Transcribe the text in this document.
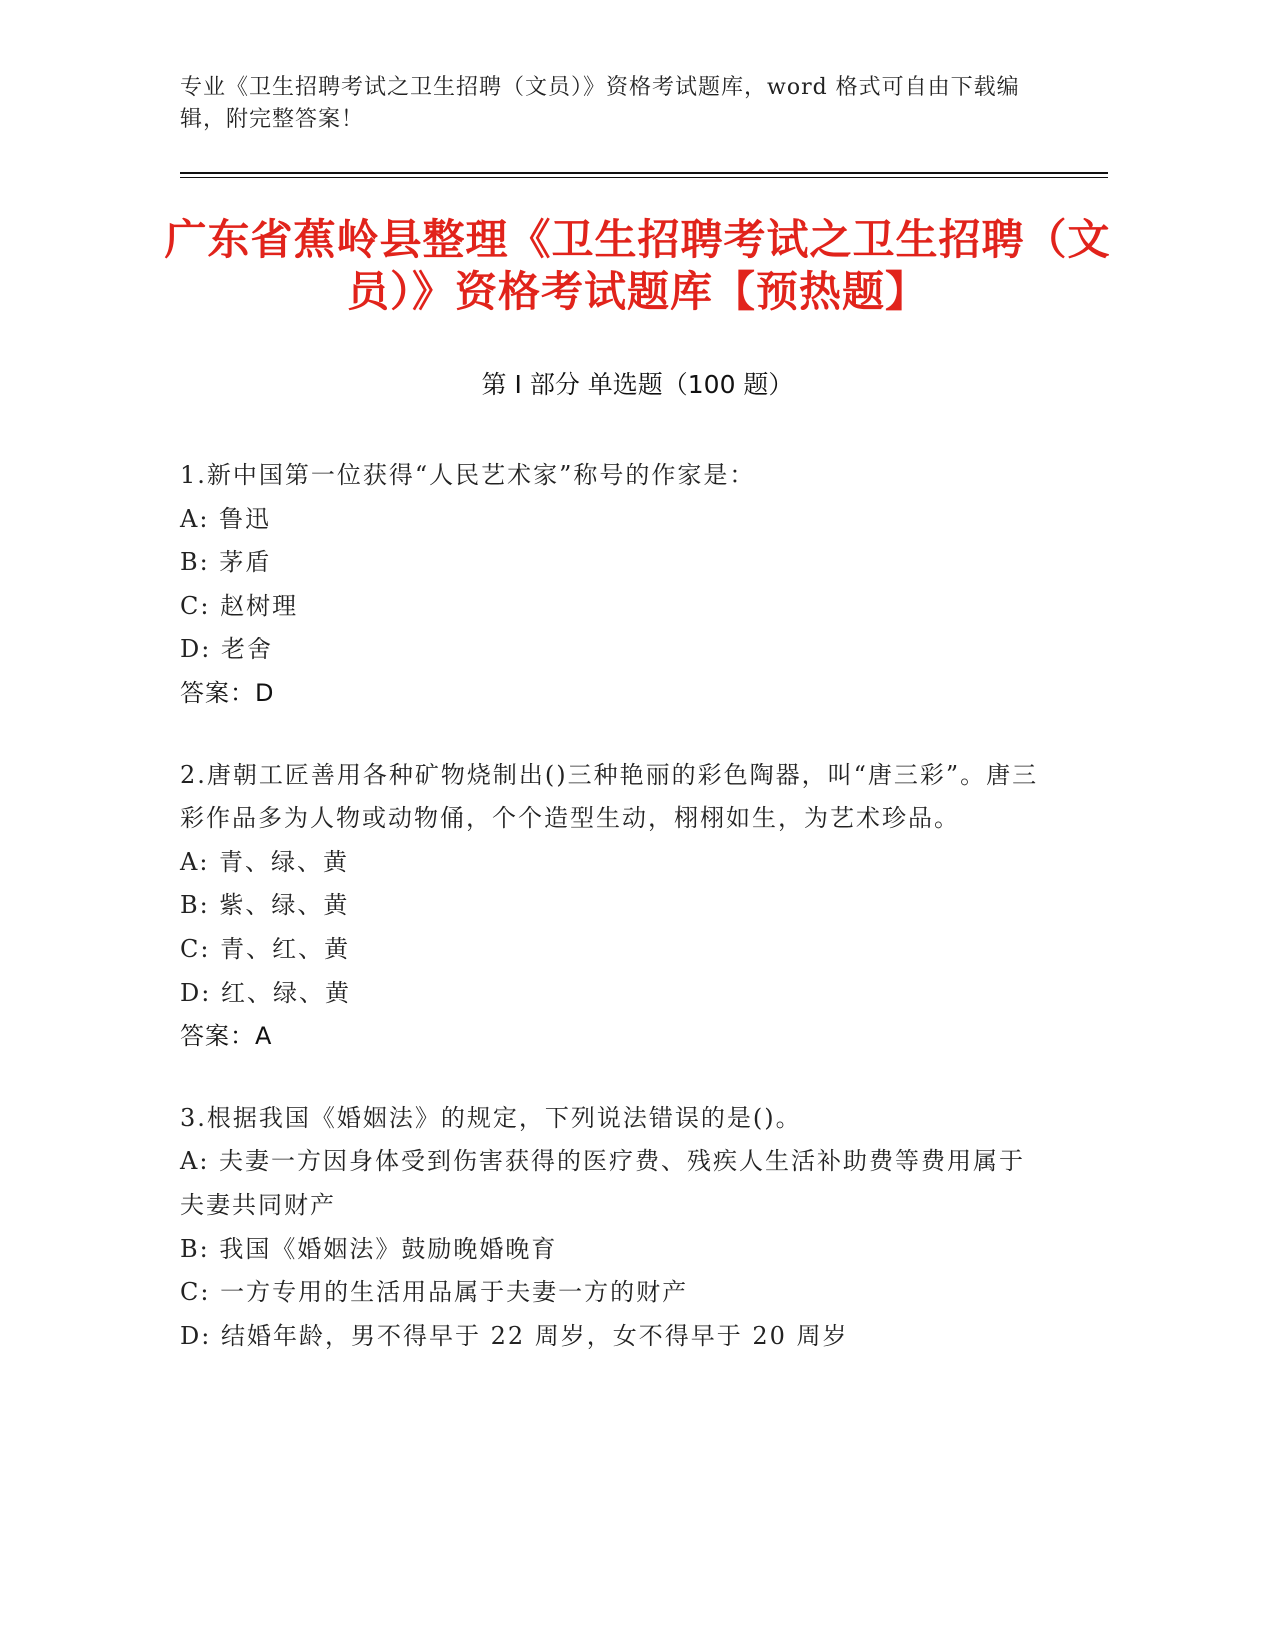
专业《卫生招聘考试之卫生招聘（文员）》资格考试题库，word 格式可自由下载编辑，附完整答案！
广东省蕉岭县整理《卫生招聘考试之卫生招聘（文员）》资格考试题库【预热题】
第 I 部分 单选题（100 题）
1.新中国第一位获得“人民艺术家”称号的作家是：
A: 鲁迅
B: 茅盾
C: 赵树理
D: 老舍
答案：D
2.唐朝工匠善用各种矿物烧制出()三种艳丽的彩色陶器，叫“唐三彩”。唐三彩作品多为人物或动物俑，个个造型生动，栩栩如生，为艺术珍品。
A: 青、绿、黄
B: 紫、绿、黄
C: 青、红、黄
D: 红、绿、黄
答案：A
3.根据我国《婚姻法》的规定，下列说法错误的是()。
A: 夫妻一方因身体受到伤害获得的医疗费、残疾人生活补助费等费用属于夫妻共同财产
B: 我国《婚姻法》鼓励晚婚晚育
C: 一方专用的生活用品属于夫妻一方的财产
D: 结婚年龄，男不得早于 22 周岁，女不得早于 20 周岁
